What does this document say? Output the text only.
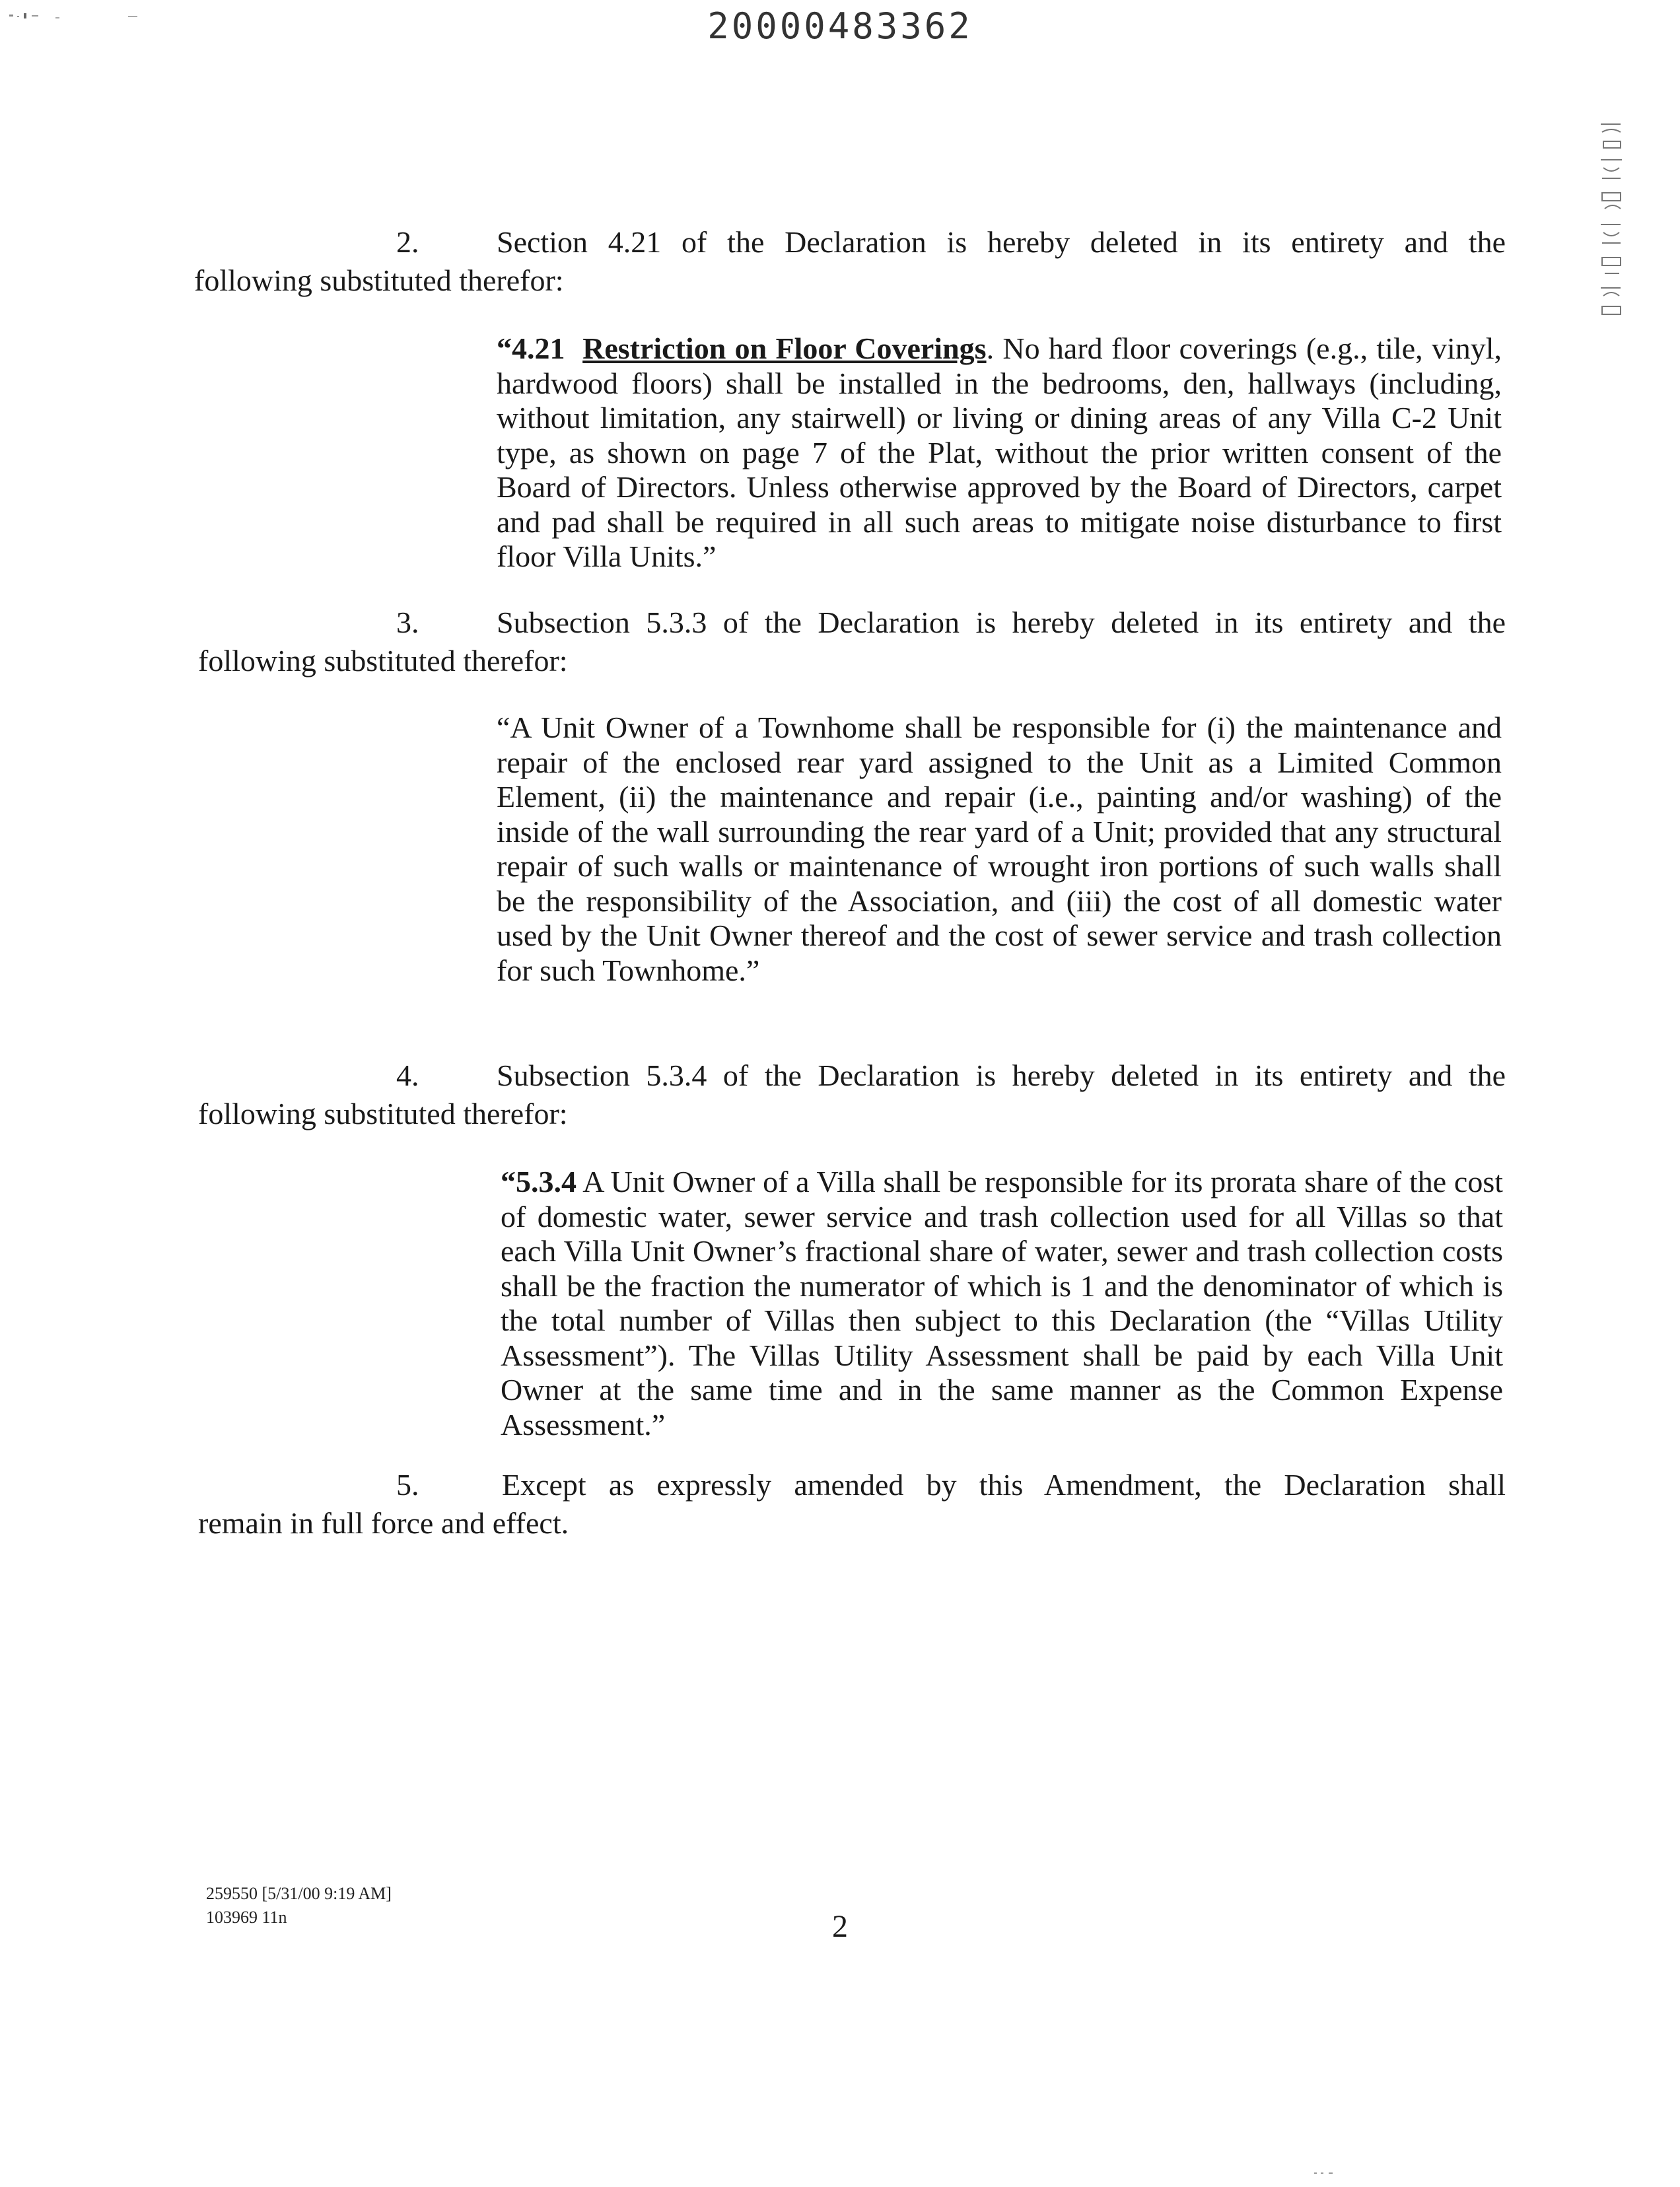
20000483362
2.	Section 4.21 of the Declaration is hereby deleted in its entirety and the
following substituted therefor:

“4.21 Restriction on Floor Coverings. No hard floor coverings (e.g., tile, vinyl, hardwood floors) shall be installed in the bedrooms, den, hallways (including, without limitation, any stairwell) or living or dining areas of any Villa C-2 Unit type, as shown on page 7 of the Plat, without the prior written consent of the Board of Directors. Unless otherwise approved by the Board of Directors, carpet and pad shall be required in all such areas to mitigate noise disturbance to first floor Villa Units.”

3.	Subsection 5.3.3 of the Declaration is hereby deleted in its entirety and the
following substituted therefor:

“A Unit Owner of a Townhome shall be responsible for (i) the maintenance and repair of the enclosed rear yard assigned to the Unit as a Limited Common Element, (ii) the maintenance and repair (i.e., painting and/or washing) of the inside of the wall surrounding the rear yard of a Unit; provided that any structural repair of such walls or maintenance of wrought iron portions of such walls shall be the responsibility of the Association, and (iii) the cost of all domestic water used by the Unit Owner thereof and the cost of sewer service and trash collection for such Townhome.”

4.	Subsection 5.3.4 of the Declaration is hereby deleted in its entirety and the
following substituted therefor:

“5.3.4 A Unit Owner of a Villa shall be responsible for its prorata share of the cost of domestic water, sewer service and trash collection used for all Villas so that each Villa Unit Owner’s fractional share of water, sewer and trash collection costs shall be the fraction the numerator of which is 1 and the denominator of which is the total number of Villas then subject to this Declaration (the “Villas Utility Assessment”). The Villas Utility Assessment shall be paid by each Villa Unit Owner at the same time and in the same manner as the Common Expense Assessment.”

5.	Except as expressly amended by this Amendment, the Declaration shall
remain in full force and effect.
259550 [5/31/00 9:19 AM]
103969 11n	2
